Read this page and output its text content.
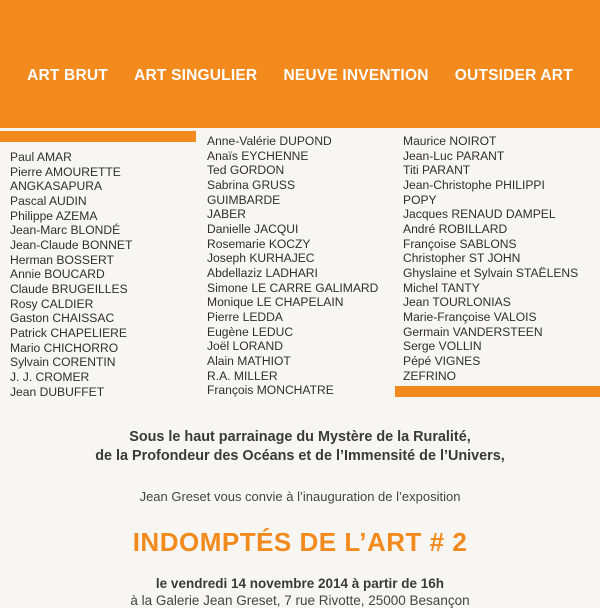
ART BRUT ART SINGULIER NEUVE INVENTION OUTSIDER ART
Paul AMAR
Pierre AMOURETTE
ANGKASAPURA
Pascal AUDIN
Philippe AZEMA
Jean-Marc BLONDÉ
Jean-Claude BONNET
Herman BOSSERT
Annie BOUCARD
Claude BRUGEILLES
Rosy CALDIER
Gaston CHAISSAC
Patrick CHAPELIERE
Mario CHICHORRO
Sylvain CORENTIN
J. J. CROMER
Jean DUBUFFET
Anne-Valérie DUPOND
Anaïs EYCHENNE
Ted GORDON
Sabrina GRUSS
GUIMBARDE
JABER
Danielle JACQUI
Rosemarie KOCZY
Joseph KURHAJEC
Abdellaziz LADHARI
Simone LE CARRE GALIMARD
Monique LE CHAPELAIN
Pierre LEDDA
Eugène LEDUC
Joël LORAND
Alain MATHIOT
R.A. MILLER
François MONCHATRE
Maurice NOIROT
Jean-Luc PARANT
Titi PARANT
Jean-Christophe PHILIPPI
POPY
Jacques RENAUD DAMPEL
André ROBILLARD
Françoise SABLONS
Christopher ST JOHN
Ghyslaine et Sylvain STAËLENS
Michel TANTY
Jean TOURLONIAS
Marie-Françoise VALOIS
Germain VANDERSTEEN
Serge VOLLIN
Pépé VIGNES
ZEFRINO
Sous le haut parrainage du Mystère de la Ruralité,
de la Profondeur des Océans et de l’Immensité de l’Univers,
Jean Greset vous convie à l’inauguration de l’exposition
INDOMPTÉS DE L’ART # 2
le vendredi 14 novembre 2014 à partir de 16h
à la Galerie Jean Greset, 7 rue Rivotte, 25000 Besançon
